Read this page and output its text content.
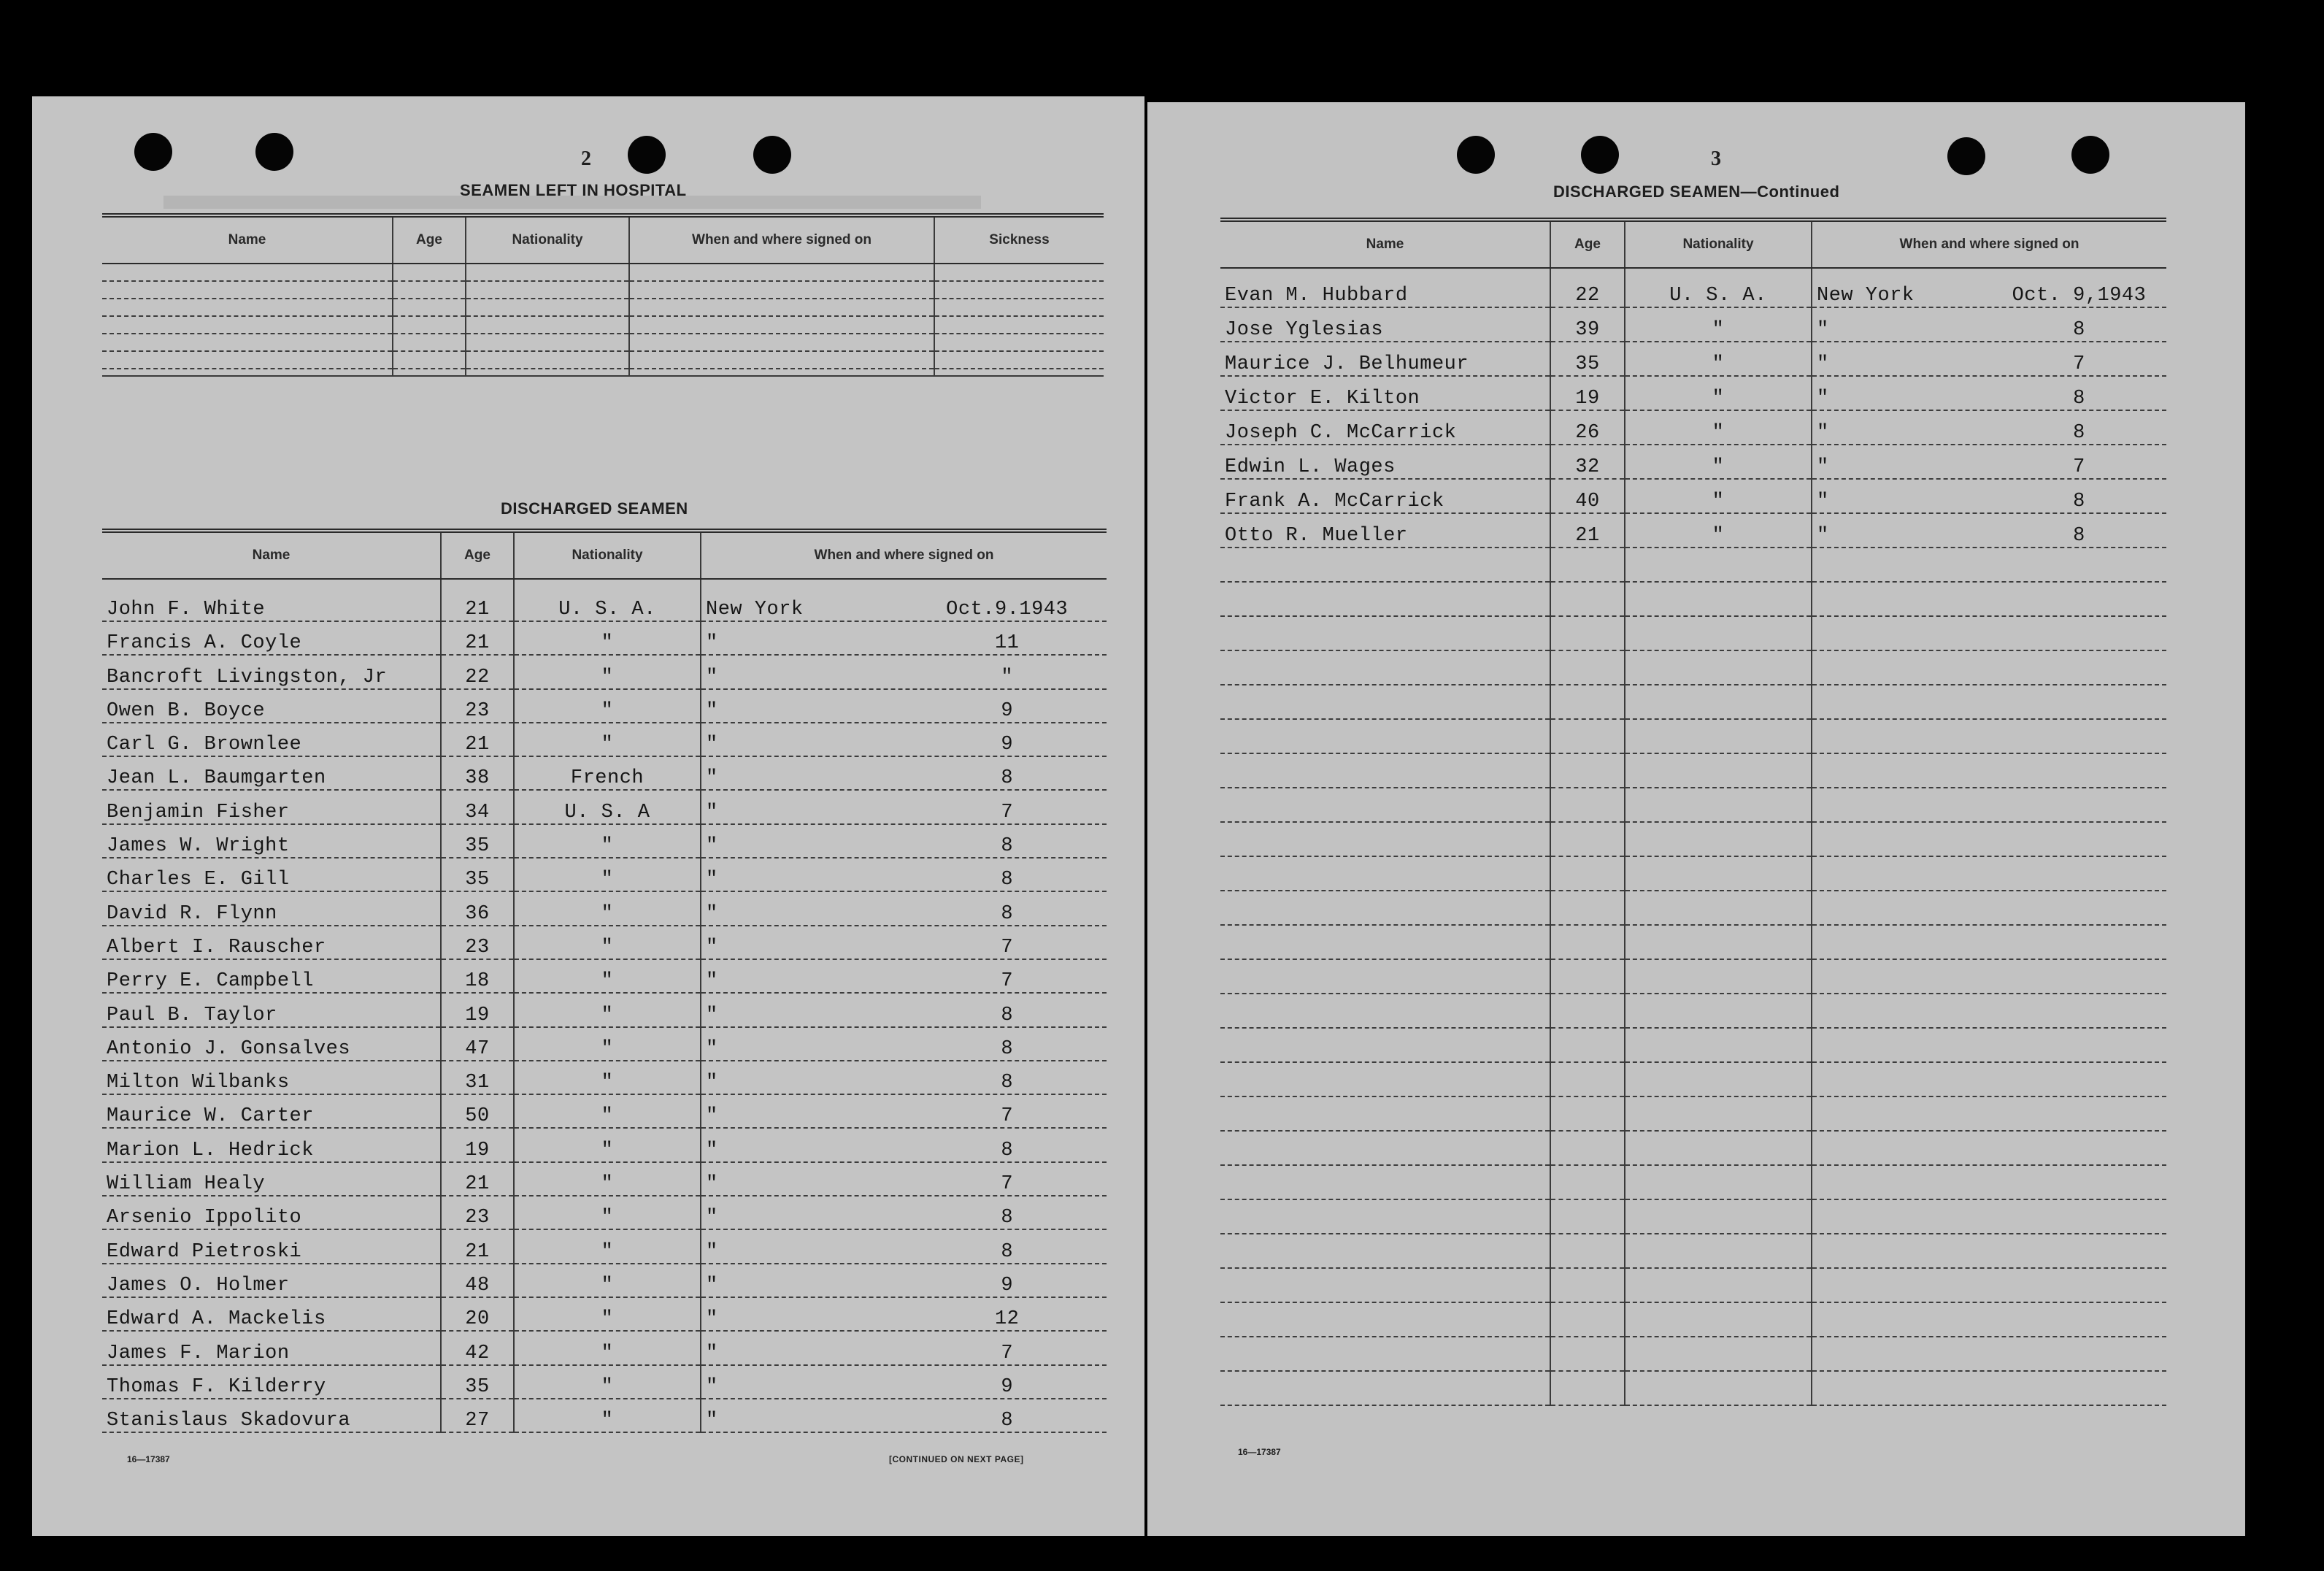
2
SEAMEN LEFT IN HOSPITAL
Name	Age	Nationality	When and where signed on	Sickness

DISCHARGED SEAMEN
Name	Age	Nationality	When and where signed on
John F. White	21	U. S. A.	New York Oct.9.1943

Francis A. Coyle	21	"	" 11

Bancroft Livingston, Jr	22	"	" "

Owen B. Boyce	23	"	" 9

Carl G. Brownlee	21	"	" 9

Jean L. Baumgarten	38	French	" 8

Benjamin Fisher	34	U. S. A	" 7

James W. Wright	35	"	" 8

Charles E. Gill	35	"	" 8

David R. Flynn	36	"	" 8

Albert I. Rauscher	23	"	" 7

Perry E. Campbell	18	"	" 7

Paul B. Taylor	19	"	" 8

Antonio J. Gonsalves	47	"	" 8

Milton Wilbanks	31	"	" 8

Maurice W. Carter	50	"	" 7

Marion L. Hedrick	19	"	" 8

William Healy	21	"	" 7

Arsenio Ippolito	23	"	" 8

Edward Pietroski	21	"	" 8

James O. Holmer	48	"	" 9

Edward A. Mackelis	20	"	" 12

James F. Marion	42	"	" 7

Thomas F. Kilderry	35	"	" 9

Stanislaus Skadovura	27	"	" 8
16—17387	[CONTINUED ON NEXT PAGE]
3
DISCHARGED SEAMEN—Continued
Name	Age	Nationality	When and where signed on
Evan M. Hubbard	22	U. S. A.	New York Oct. 9,1943

Jose Yglesias	39	"	" 8

Maurice J. Belhumeur	35	"	" 7

Victor E. Kilton	19	"	" 8

Joseph C. McCarrick	26	"	" 8

Edwin L. Wages	32	"	" 7

Frank A. McCarrick	40	"	" 8

Otto R. Mueller	21	"	" 8

16—17387
